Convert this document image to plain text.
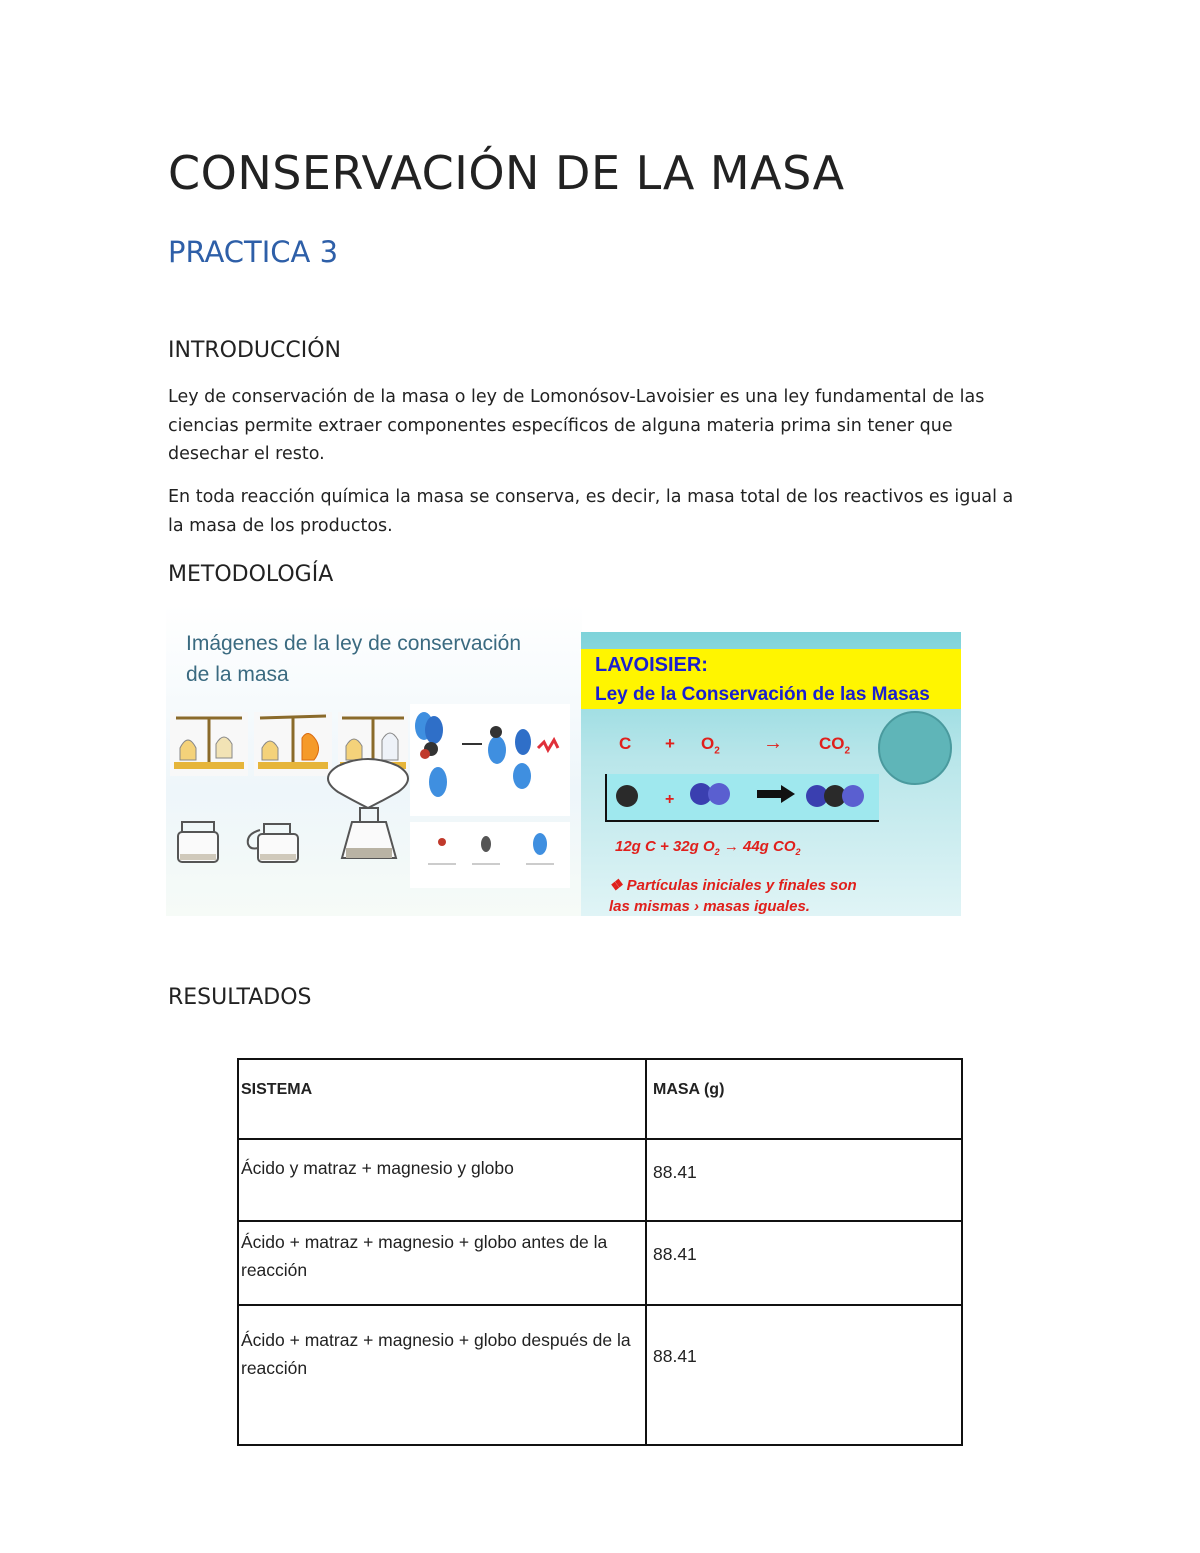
CONSERVACIÓN DE LA MASA
PRACTICA 3
INTRODUCCIÓN
Ley de conservación de la masa o ley de Lomonósov-Lavoisier es una ley fundamental de las ciencias permite extraer componentes específicos de alguna materia prima sin tener que desechar el resto.
En toda reacción química la masa se conserva, es decir, la masa total de los reactivos es igual a la masa de los productos.
METODOLOGÍA
Imágenes de la ley de conservación
de la masa	LAVOISIER:
Ley de la Conservación de las Masas
$C + O_2 \to CO_2$
+
12g C + 32g $O_2 \to 44g$ $CO_2$
❖ Partículas iniciales y finales son
las mismas › masas iguales.
RESULTADOS
SISTEMA	MASA (g)
Ácido y matraz + magnesio y globo	88.41
Ácido + matraz + magnesio + globo antes de la reacción	88.41
Ácido + matraz + magnesio + globo después de la reacción	88.41
